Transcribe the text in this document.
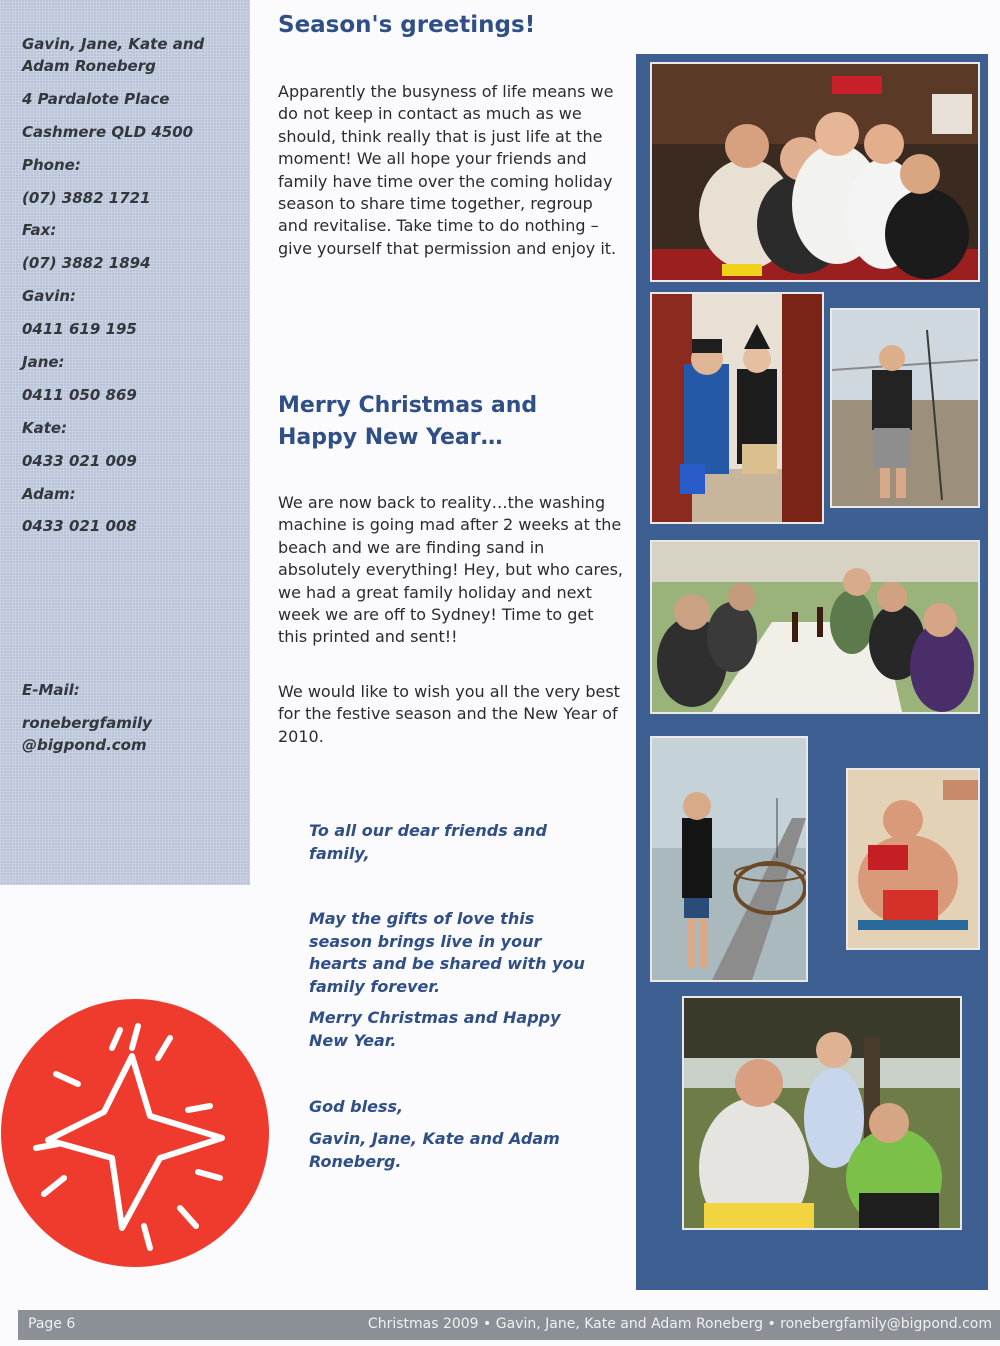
Gavin, Jane, Kate and
Adam Roneberg
4 Pardalote Place
Cashmere QLD 4500
Phone:
(07) 3882 1721
Fax:
(07) 3882 1894
Gavin:
0411 619 195
Jane:
0411 050 869
Kate:
0433 021 009
Adam:
0433 021 008
E-Mail:
ronebergfamily
@bigpond.com
Season's greetings!

Apparently the busyness of life means we do not keep in contact as much as we should, think really that is just life at the moment! We all hope your friends and family have time over the coming holiday season to share time together, regroup and revitalise. Take time to do nothing – give yourself that permission and enjoy it.

Merry Christmas and Happy New Year…

We are now back to reality…the washing machine is going mad after 2 weeks at the beach and we are finding sand in absolutely everything! Hey, but who cares, we had a great family holiday and next week we are off to Sydney! Time to get this printed and sent!!

We would like to wish you all the very best for the festive season and the New Year of 2010.

To all our dear friends and family,

May the gifts of love this season brings live in your hearts and be shared with you family forever.

Merry Christmas and Happy New Year.

God bless,

Gavin, Jane, Kate and Adam Roneberg.

Page 6	Christmas 2009 • Gavin, Jane, Kate and Adam Roneberg • ronebergfamily@bigpond.com
